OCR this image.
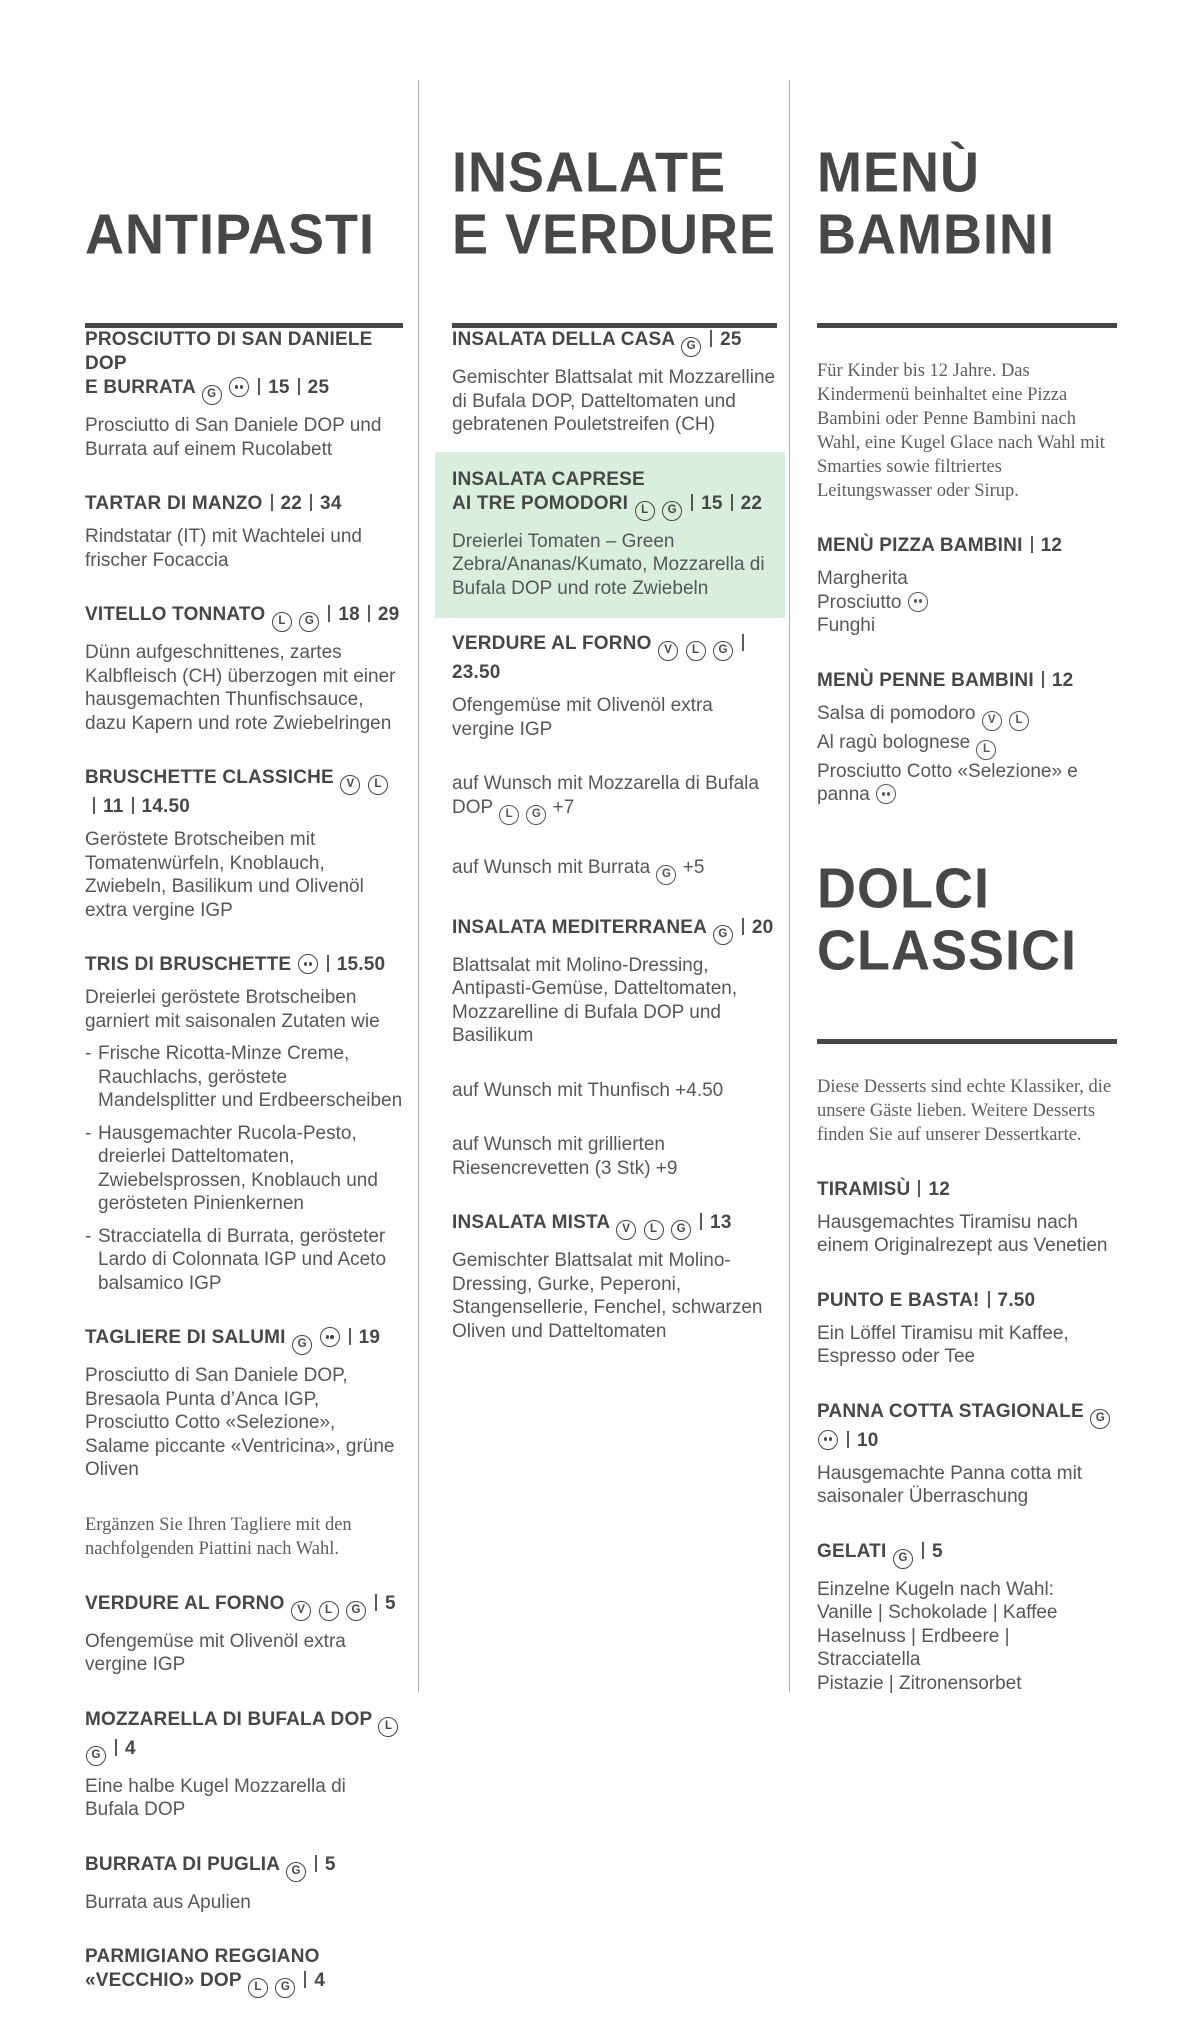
ANTIPASTI
PROSCIUTTO DI SAN DANIELE DOP
E BURRATA G	15 25

Prosciutto di San Daniele DOP und Burrata auf einem Rucolabett

TARTAR DI MANZO 22 34

Rindstatar (IT) mit Wachtelei und frischer Focaccia

VITELLO TONNATO L G 18 29

Dünn aufgeschnittenes, zartes Kalbfleisch (CH) überzogen mit einer hausgemachten Thunfischsauce, dazu Kapern und rote Zwiebelringen

BRUSCHETTE CLASSICHE V L11 14.50

Geröstete Brotscheiben mit Tomatenwürfeln, Knoblauch, Zwiebeln, Basilikum und Olivenöl extra vergine IGP

TRIS DI BRUSCHETTE
15.50

Dreierlei geröstete Brotscheiben garniert mit saisonalen Zutaten wie

- Frische Ricotta-Minze Creme, Rauchlachs, geröstete Mandelsplitter und Erdbeerscheiben

- Hausgemachter Rucola-Pesto, dreierlei Datteltomaten, Zwiebelsprossen, Knoblauch und gerösteten Pinienkernen

- Stracciatella di Burrata, gerösteter Lardo di Colonnata IGP und Aceto balsamico IGP

TAGLIERE DI SALUMI G	19

Prosciutto di San Daniele DOP, Bresaola Punta d’Anca IGP, Prosciutto Cotto «Selezione», Salame piccante «Ventricina», grüne Oliven

Ergänzen Sie Ihren Tagliere mit den nachfolgenden Piattini nach Wahl.

VERDURE AL FORNO V L G 5

Ofengemüse mit Olivenöl extra vergine IGP

MOZZARELLA DI BUFALA DOP L G 4

Eine halbe Kugel Mozzarella di Bufala DOP

BURRATA DI PUGLIA G 5

Burrata aus Apulien

PARMIGIANO REGGIANO
«VECCHIO» DOP L G 4
INSALATE
E VERDURE
INSALATA DELLA CASA G 25

Gemischter Blattsalat mit Mozzarelline di Bufala DOP, Datteltomaten und gebratenen Pouletstreifen (CH)

INSALATA CAPRESE
AI TRE POMODORI L G 15 22

Dreierlei Tomaten – Green Zebra/Ananas/Kumato, Mozzarella di Bufala DOP und rote Zwiebeln

VERDURE AL FORNO V L G23.50

Ofengemüse mit Olivenöl extra vergine IGP

auf Wunsch mit Mozzarella di Bufala DOP L G +7

auf Wunsch mit Burrata G +5

INSALATA MEDITERRANEA G 20

Blattsalat mit Molino-Dressing, Antipasti-Gemüse, Datteltomaten, Mozzarelline di Bufala DOP und Basilikum

auf Wunsch mit Thunfisch +4.50

auf Wunsch mit grillierten Riesencrevetten (3 Stk) +9

INSALATA MISTA V L G 13

Gemischter Blattsalat mit Molino-Dressing, Gurke, Peperoni, Stangensellerie, Fenchel, schwarzen Oliven und Datteltomaten

MENÙ
BAMBINI

Für Kinder bis 12 Jahre. Das Kindermenü beinhaltet eine Pizza Bambini oder Penne Bambini nach Wahl, eine Kugel Glace nach Wahl mit Smarties sowie filtriertes Leitungswasser oder Sirup.

MENÙ PIZZA BAMBINI 12

Margherita

Prosciutto

Funghi

MENÙ PENNE BAMBINI 12

Salsa di pomodoro V L

Al ragù bolognese L

Prosciutto Cotto «Selezione» e panna

DOLCI
CLASSICI

Diese Desserts sind echte Klassiker, die unsere Gäste lieben. Weitere Desserts finden Sie auf unserer Dessertkarte.

TIRAMISÙ 12

Hausgemachtes Tiramisu nach einem Originalrezept aus Venetien

PUNTO E BASTA! 7.50

Ein Löffel Tiramisu mit Kaffee, Espresso oder Tee

PANNA COTTA STAGIONALE G
10

Hausgemachte Panna cotta mit saisonaler Überraschung

GELATI G 5

Einzelne Kugeln nach Wahl:

Vanille | Schokolade | Kaffee

Haselnuss | Erdbeere | Stracciatella

Pistazie | Zitronensorbet
